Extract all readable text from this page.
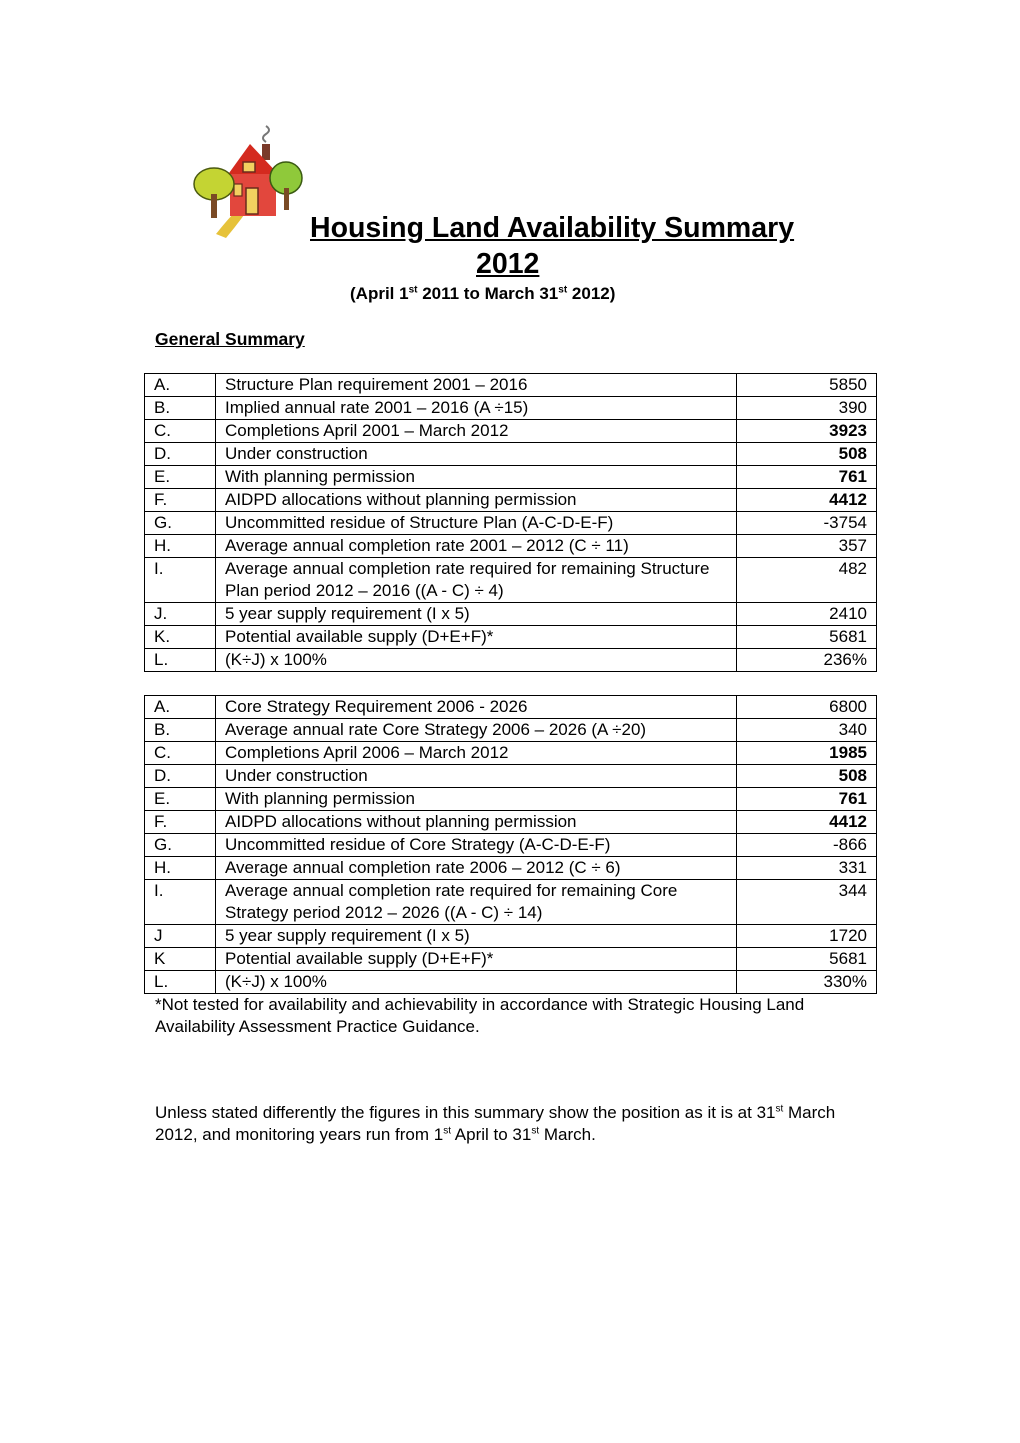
Housing Land Availability Summary
2012
(April 1st 2011 to March 31st 2012)
General Summary
A.	Structure Plan requirement 2001 – 2016	5850
B.	Implied annual rate 2001 – 2016 (A ÷15)	390
C.	Completions April 2001 – March 2012	3923
D.	Under construction	508
E.	With planning permission	761
F.	AIDPD allocations without planning permission	4412
G.	Uncommitted residue of Structure Plan (A-C-D-E-F)	-3754
H.	Average annual completion rate 2001 – 2012 (C ÷ 11)	357
I.	Average annual completion rate required for remaining Structure Plan period 2012 – 2016 ((A - C) ÷ 4)	482
J.	5 year supply requirement (I x 5)	2410
K.	Potential available supply (D+E+F)*	5681
L.	(K÷J) x 100%	236%
A.	Core Strategy Requirement 2006 - 2026	6800
B.	Average annual rate Core Strategy 2006 – 2026 (A ÷20)	340
C.	Completions April 2006 – March 2012	1985
D.	Under construction	508
E.	With planning permission	761
F.	AIDPD allocations without planning permission	4412
G.	Uncommitted residue of Core Strategy (A-C-D-E-F)	-866
H.	Average annual completion rate 2006 – 2012 (C ÷ 6)	331
I.	Average annual completion rate required for remaining Core Strategy period 2012 – 2026 ((A - C) ÷ 14)	344
J	5 year supply requirement (I x 5)	1720
K	Potential available supply (D+E+F)*	5681
L.	(K÷J) x 100%	330%
*Not tested for availability and achievability in accordance with Strategic Housing Land Availability Assessment Practice Guidance.
Unless stated differently the figures in this summary show the position as it is at 31st March 2012, and monitoring years run from 1st April to 31st March.
